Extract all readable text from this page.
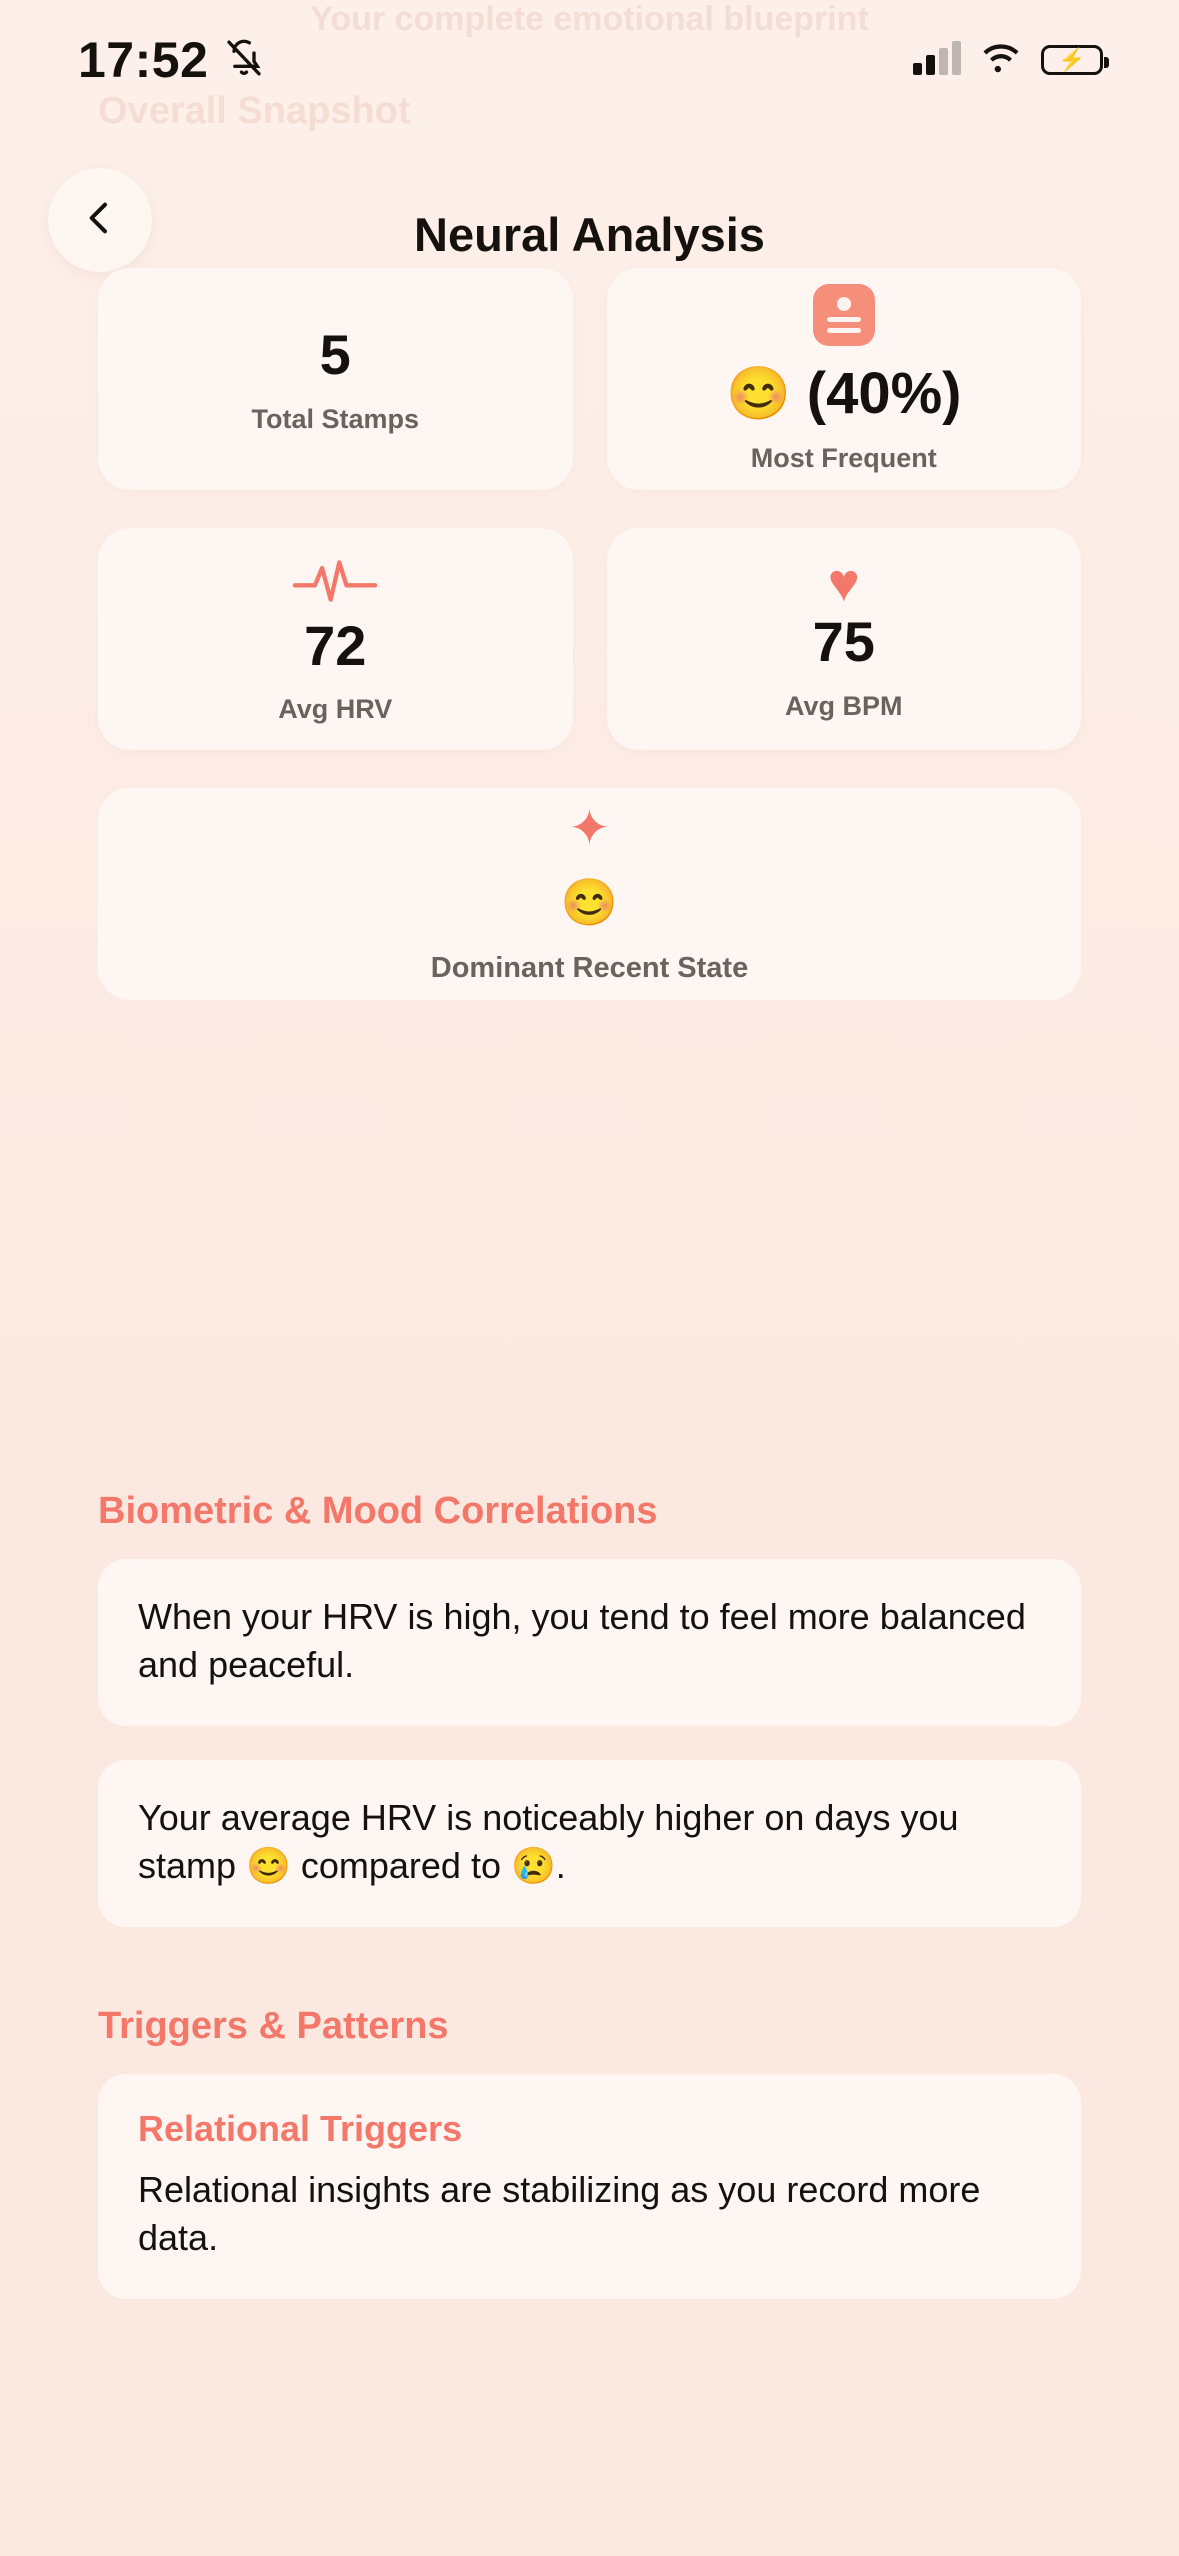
Your complete emotional blueprint
Overall Snapshot
17:52	⚡
Neural Analysis
5
Total Stamps	😊 (40%)
Most Frequent
72
Avg HRV
♥
75
Avg BPM
✦
😊
Dominant Recent State
Biometric & Mood Correlations

When your HRV is high, you tend to feel more balanced and peaceful.

Your average HRV is noticeably higher on days you stamp 😊 compared to 😢.

Triggers & Patterns
Relational Triggers

Relational insights are stabilizing as you record more data.
